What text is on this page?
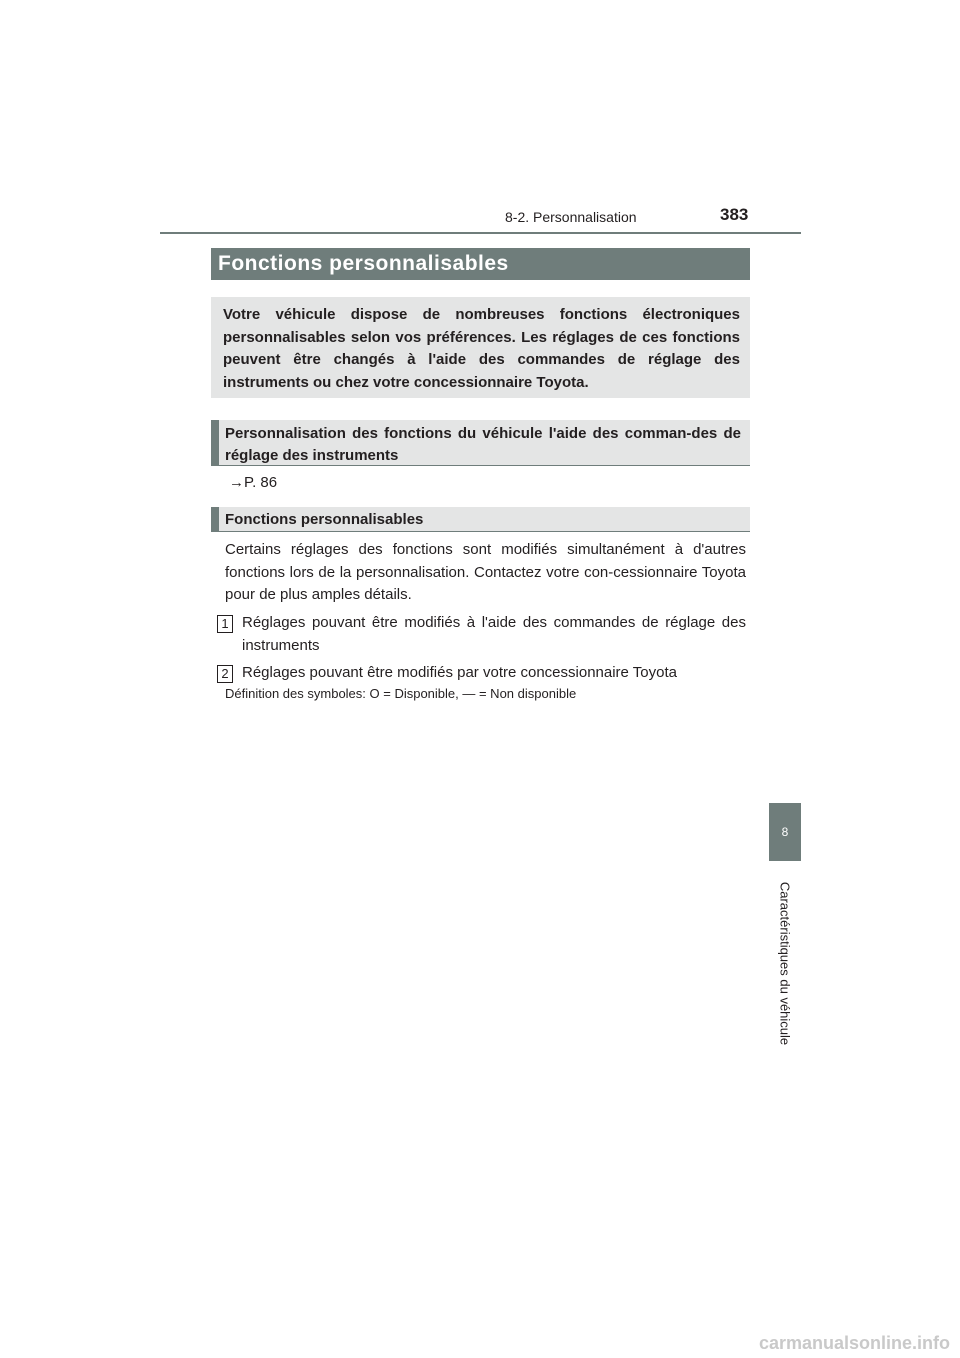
8-2. Personnalisation	383
Fonctions personnalisables
Votre véhicule dispose de nombreuses fonctions électroniques personnalisables selon vos préférences. Les réglages de ces fonctions peuvent être changés à l'aide des commandes de réglage des instruments ou chez votre concessionnaire Toyota.
Personnalisation des fonctions du véhicule l'aide des comman-des de réglage des instruments
→P. 86
Fonctions personnalisables
Certains réglages des fonctions sont modifiés simultanément à d'autres fonctions lors de la personnalisation. Contactez votre con-cessionnaire Toyota pour de plus amples détails.
1 Réglages pouvant être modifiés à l'aide des commandes de réglage des instruments
2 Réglages pouvant être modifiés par votre concessionnaire Toyota
Définition des symboles: O = Disponible, — = Non disponible
8
Caractéristiques du véhicule
carmanualsonline.info
